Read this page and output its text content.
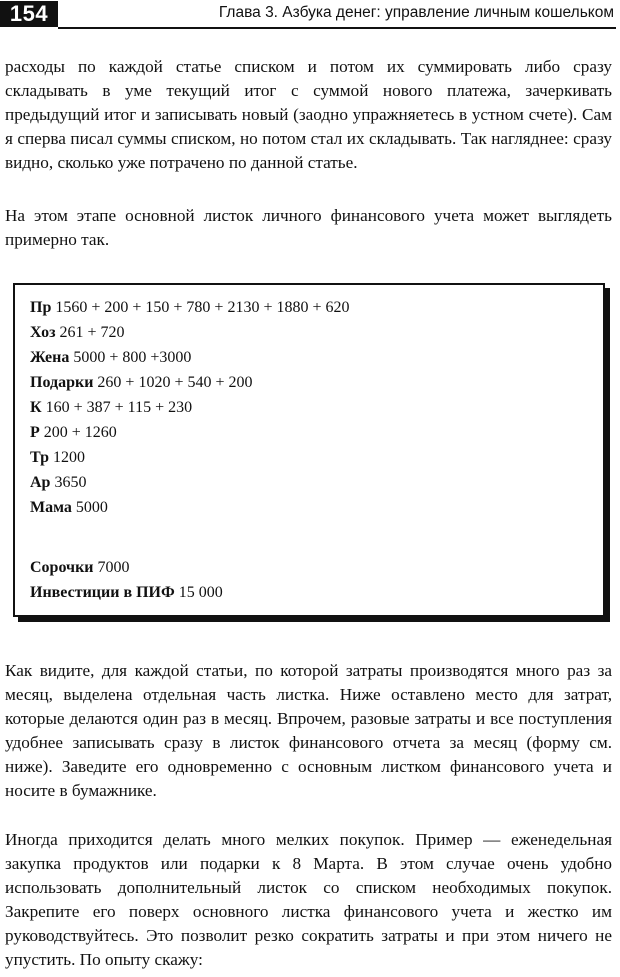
154	Глава 3. Азбука денег: управление личным кошельком
расходы по каждой статье списком и потом их суммировать либо сразу складывать в уме текущий итог с суммой нового платежа, зачеркивать предыдущий итог и записывать новый (заодно упражняетесь в устном счете). Сам я сперва писал суммы списком, но потом стал их складывать. Так нагляднее: сразу видно, сколько уже потрачено по данной статье.
На этом этапе основной листок личного финансового учета может выглядеть примерно так.
Пр 1560 + 200 + 150 + 780 + 2130 + 1880 + 620
Хоз 261 + 720
Жена 5000 + 800 +3000
Подарки 260 + 1020 + 540 + 200
К 160 + 387 + 115 + 230
Р 200 + 1260
Тр 1200
Ар 3650
Мама 5000
Сорочки 7000
Инвестиции в ПИФ 15 000
Как видите, для каждой статьи, по которой затраты производятся много раз за месяц, выделена отдельная часть листка. Ниже оставлено место для затрат, которые делаются один раз в месяц. Впрочем, разовые затраты и все поступления удобнее записывать сразу в листок финансового отчета за месяц (форму см. ниже). Заведите его одновременно с основным листком финансового учета и носите в бумажнике.
Иногда приходится делать много мелких покупок. Пример — еженедельная закупка продуктов или подарки к 8 Марта. В этом случае очень удобно использовать дополнительный листок со списком необходимых покупок. Закрепите его поверх основного листка финансового учета и жестко им руководствуйтесь. Это позволит резко сократить затраты и при этом ничего не упустить. По опыту скажу:
